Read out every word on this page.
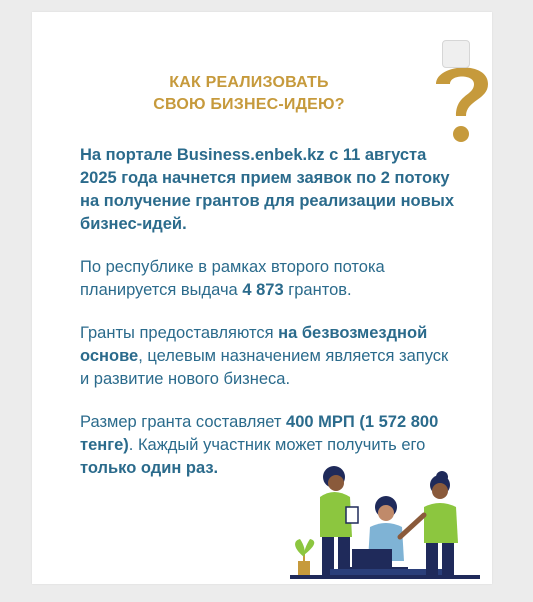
КАК РЕАЛИЗОВАТЬ
СВОЮ БИЗНЕС-ИДЕЮ?
На портале Business.enbek.kz с 11 августа 2025 года начнется прием заявок по 2 потоку на получение грантов для реализации новых бизнес-идей.
По республике в рамках второго потока планируется выдача 4 873 грантов.
Гранты предоставляются на безвозмездной основе, целевым назначением является запуск и развитие нового бизнеса.
Размер гранта составляет 400 МРП (1 572 800 тенге). Каждый участник может получить его только один раз.
